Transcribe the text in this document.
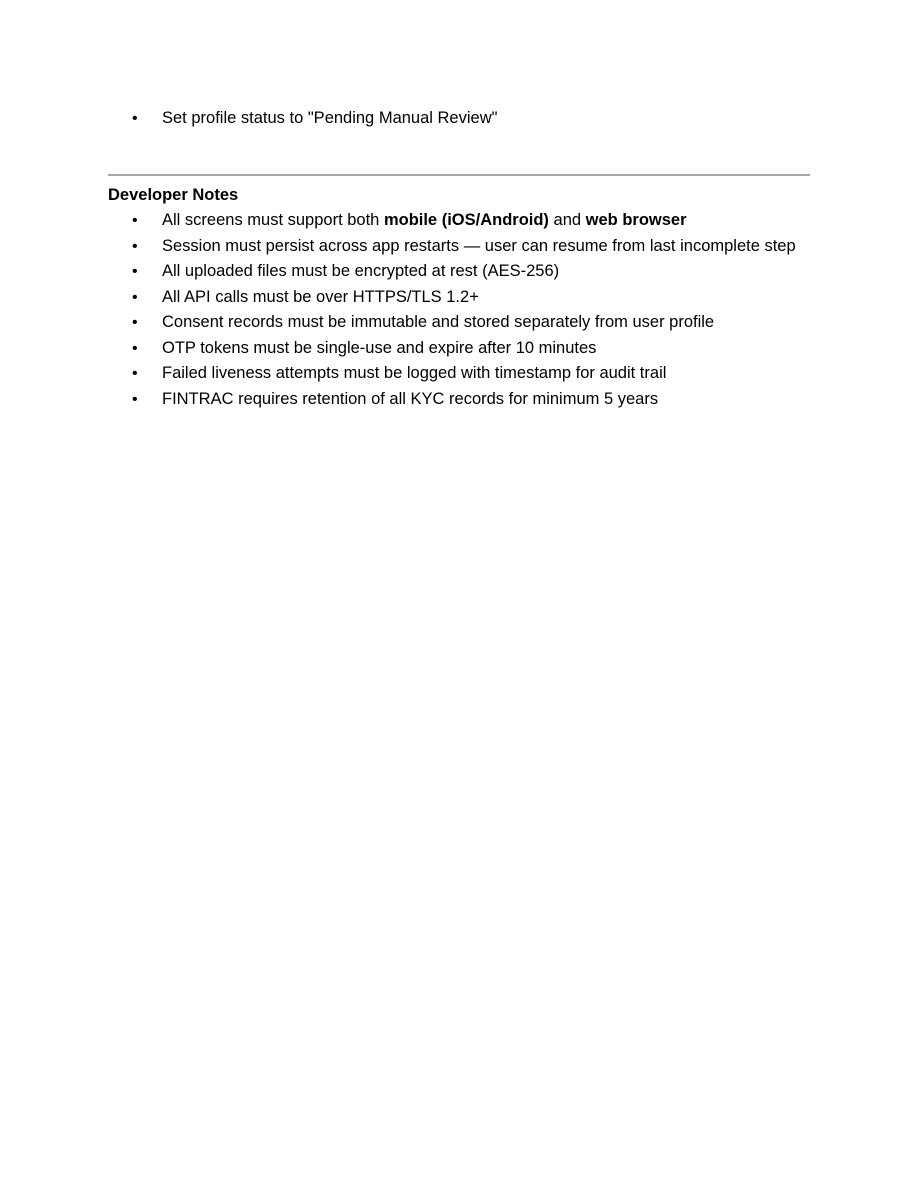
• Set profile status to "Pending Manual Review"
Developer Notes
• All screens must support both mobile (iOS/Android) and web browser
• Session must persist across app restarts — user can resume from last incomplete step
• All uploaded files must be encrypted at rest (AES-256)
• All API calls must be over HTTPS/TLS 1.2+
• Consent records must be immutable and stored separately from user profile
• OTP tokens must be single-use and expire after 10 minutes
• Failed liveness attempts must be logged with timestamp for audit trail
• FINTRAC requires retention of all KYC records for minimum 5 years
